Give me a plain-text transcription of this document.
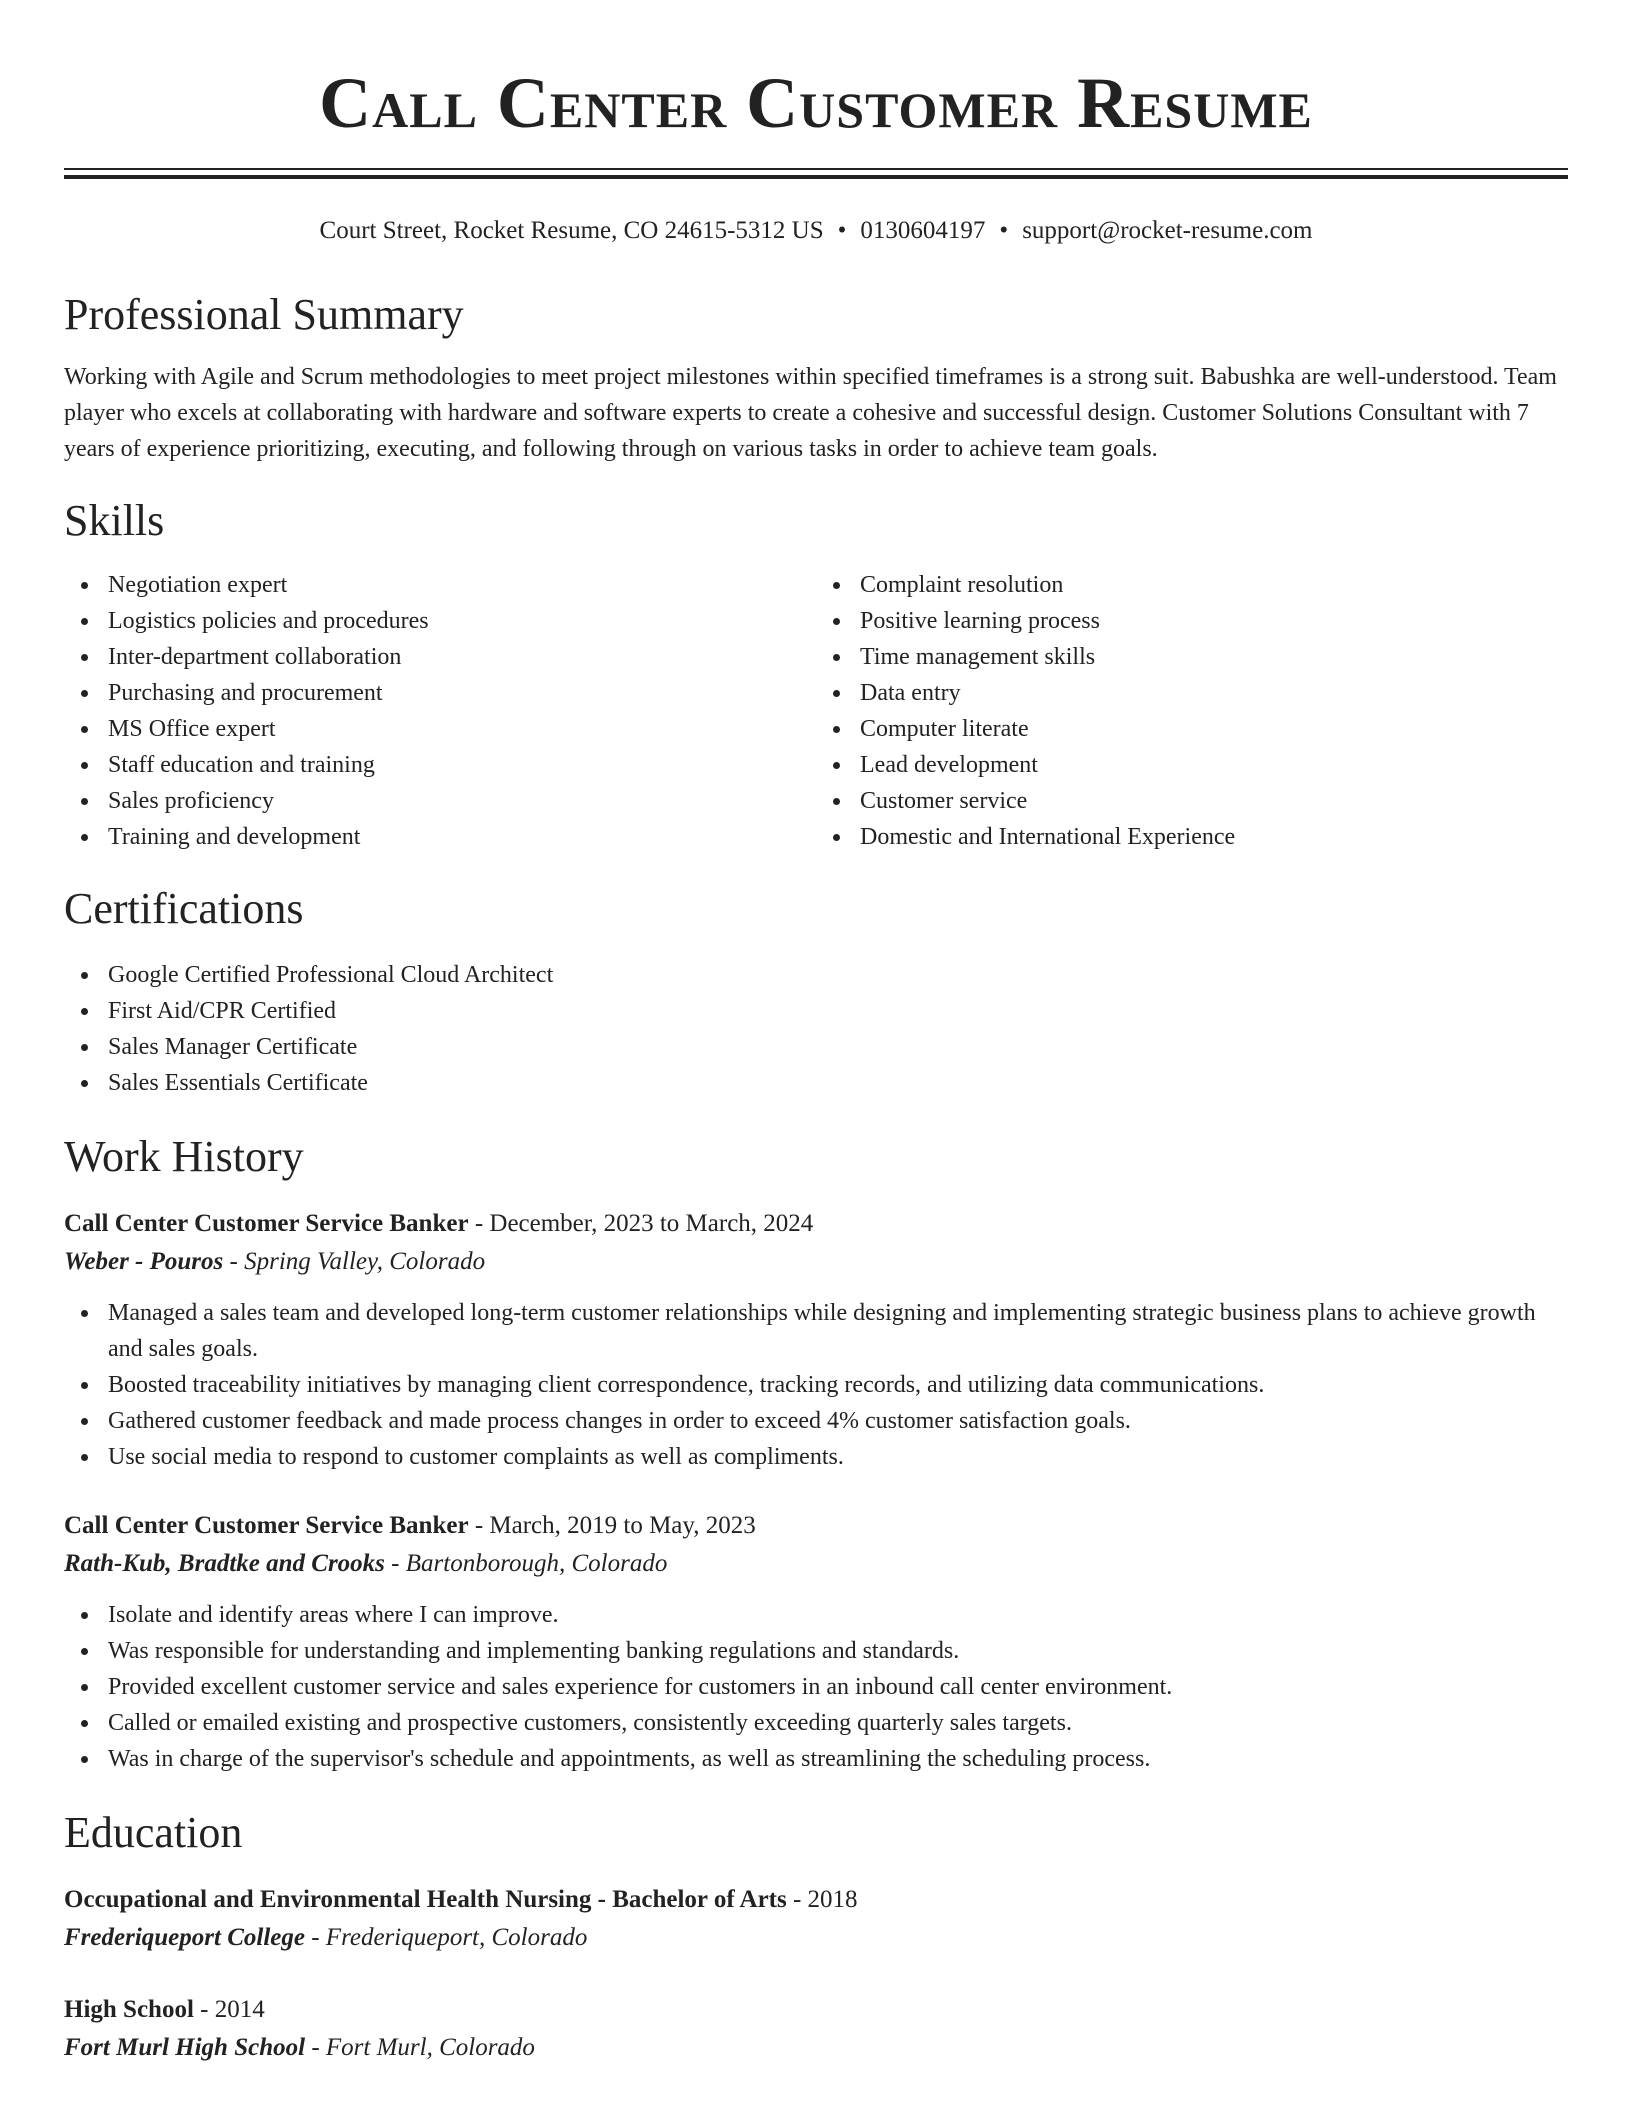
Call Center Customer Resume
Court Street, Rocket Resume, CO 24615-5312 US • 0130604197 • support@rocket-resume.com
Professional Summary

Working with Agile and Scrum methodologies to meet project milestones within specified timeframes is a strong suit. Babushka are well-understood. Team player who excels at collaborating with hardware and software experts to create a cohesive and successful design. Customer Solutions Consultant with 7 years of experience prioritizing, executing, and following through on various tasks in order to achieve team goals.

Skills
Negotiation expert
Logistics policies and procedures
Inter-department collaboration
Purchasing and procurement
MS Office expert
Staff education and training
Sales proficiency
Training and development
Complaint resolution
Positive learning process
Time management skills
Data entry
Computer literate
Lead development
Customer service
Domestic and International Experience
Certifications
Google Certified Professional Cloud Architect
First Aid/CPR Certified
Sales Manager Certificate
Sales Essentials Certificate
Work History
Call Center Customer Service Banker - December, 2023 to March, 2024
Weber - Pouros - Spring Valley, Colorado
Managed a sales team and developed long-term customer relationships while designing and implementing strategic business plans to achieve growth and sales goals.
Boosted traceability initiatives by managing client correspondence, tracking records, and utilizing data communications.
Gathered customer feedback and made process changes in order to exceed 4% customer satisfaction goals.
Use social media to respond to customer complaints as well as compliments.
Call Center Customer Service Banker - March, 2019 to May, 2023
Rath-Kub, Bradtke and Crooks - Bartonborough, Colorado
Isolate and identify areas where I can improve.
Was responsible for understanding and implementing banking regulations and standards.
Provided excellent customer service and sales experience for customers in an inbound call center environment.
Called or emailed existing and prospective customers, consistently exceeding quarterly sales targets.
Was in charge of the supervisor's schedule and appointments, as well as streamlining the scheduling process.
Education
Occupational and Environmental Health Nursing - Bachelor of Arts - 2018
Frederiqueport College - Frederiqueport, Colorado
High School - 2014
Fort Murl High School - Fort Murl, Colorado
